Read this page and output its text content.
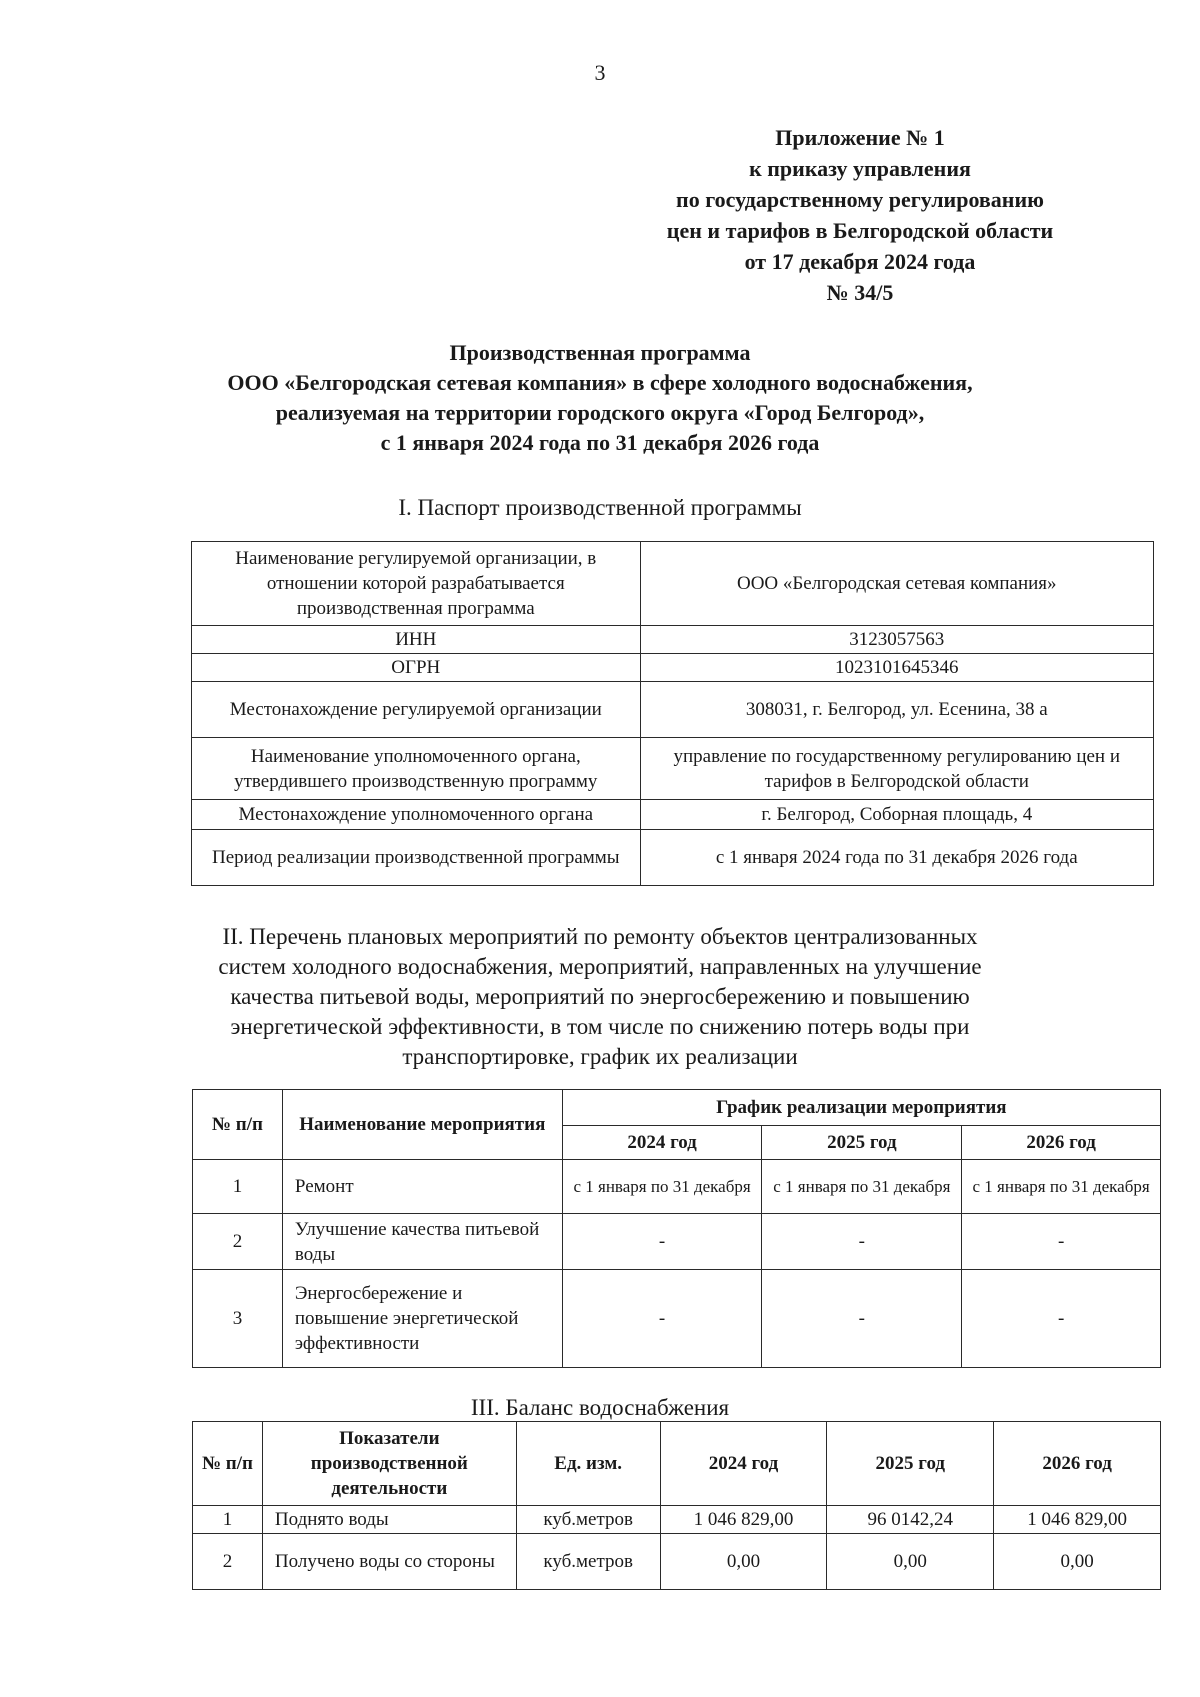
3
Приложение № 1
к приказу управления
по государственному регулированию
цен и тарифов в Белгородской области
от 17 декабря 2024 года
№ 34/5
Производственная программа
ООО «Белгородская сетевая компания» в сфере холодного водоснабжения,
реализуемая на территории городского округа «Город Белгород»,
с 1 января 2024 года по 31 декабря 2026 года
I. Паспорт производственной программы
Наименование регулируемой организации, в отношении которой разрабатывается производственная программа	ООО «Белгородская сетевая компания»
ИНН	3123057563
ОГРН	1023101645346
Местонахождение регулируемой организации	308031, г. Белгород, ул. Есенина, 38 а
Наименование уполномоченного органа, утвердившего производственную программу	управление по государственному регулированию цен и тарифов в Белгородской области
Местонахождение уполномоченного органа	г. Белгород, Соборная площадь, 4
Период реализации производственной программы	с 1 января 2024 года по 31 декабря 2026 года
II. Перечень плановых мероприятий по ремонту объектов централизованных
систем холодного водоснабжения, мероприятий, направленных на улучшение
качества питьевой воды, мероприятий по энергосбережению и повышению
энергетической эффективности, в том числе по снижению потерь воды при
транспортировке, график их реализации
№ п/п	Наименование мероприятия	График реализации мероприятия		
		2024 год	2025 год	2026 год
1	Ремонт	с 1 января по 31 декабря	с 1 января по 31 декабря	с 1 января по 31 декабря
2	Улучшение качества питьевой воды	-	-	-
3	Энергосбережение и повышение энергетической эффективности	-	-	-
III. Баланс водоснабжения
№ п/п	Показатели производственной деятельности	Ед. изм.	2024 год	2025 год	2026 год
1	Поднято воды	куб.метров	1 046 829,00	96 0142,24	1 046 829,00
2	Получено воды со стороны	куб.метров	0,00	0,00	0,00
